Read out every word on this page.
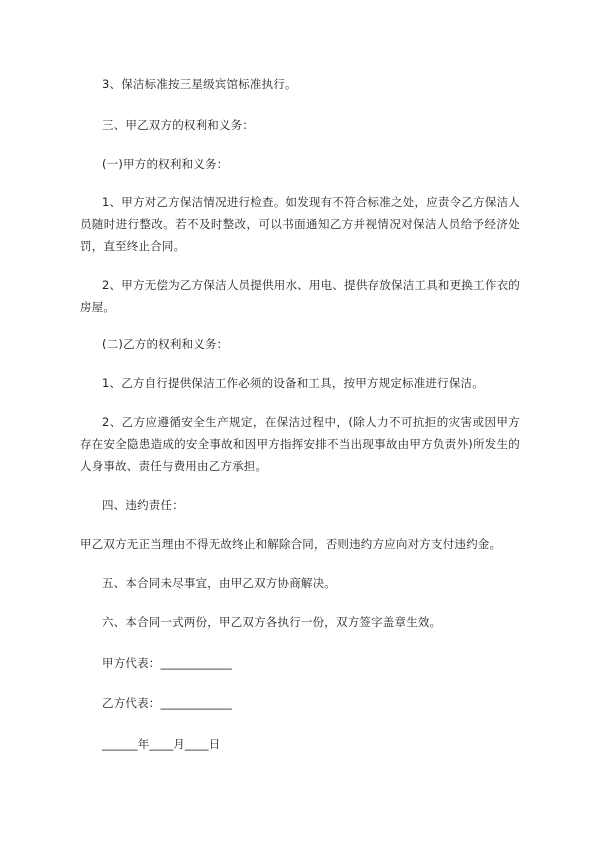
3、保洁标准按三星级宾馆标准执行。
三、甲乙双方的权利和义务：
(一)甲方的权利和义务：
1、甲方对乙方保洁情况进行检查。如发现有不符合标准之处，应责令乙方保洁人员随时进行整改。若不及时整改，可以书面通知乙方并视情况对保洁人员给予经济处罚，直至终止合同。
2、甲方无偿为乙方保洁人员提供用水、用电、提供存放保洁工具和更换工作衣的房屋。
(二)乙方的权利和义务：
1、乙方自行提供保洁工作必须的设备和工具，按甲方规定标准进行保洁。
2、乙方应遵循安全生产规定，在保洁过程中，(除人力不可抗拒的灾害或因甲方存在安全隐患造成的安全事故和因甲方指挥安排不当出现事故由甲方负责外)所发生的人身事故、责任与费用由乙方承担。
四、违约责任：
甲乙双方无正当理由不得无故终止和解除合同，否则违约方应向对方支付违约金。
五、本合同未尽事宜，由甲乙双方协商解决。
六、本合同一式两份，甲乙双方各执行一份，双方签字盖章生效。
甲方代表：____________
乙方代表：____________
______年____月____日
